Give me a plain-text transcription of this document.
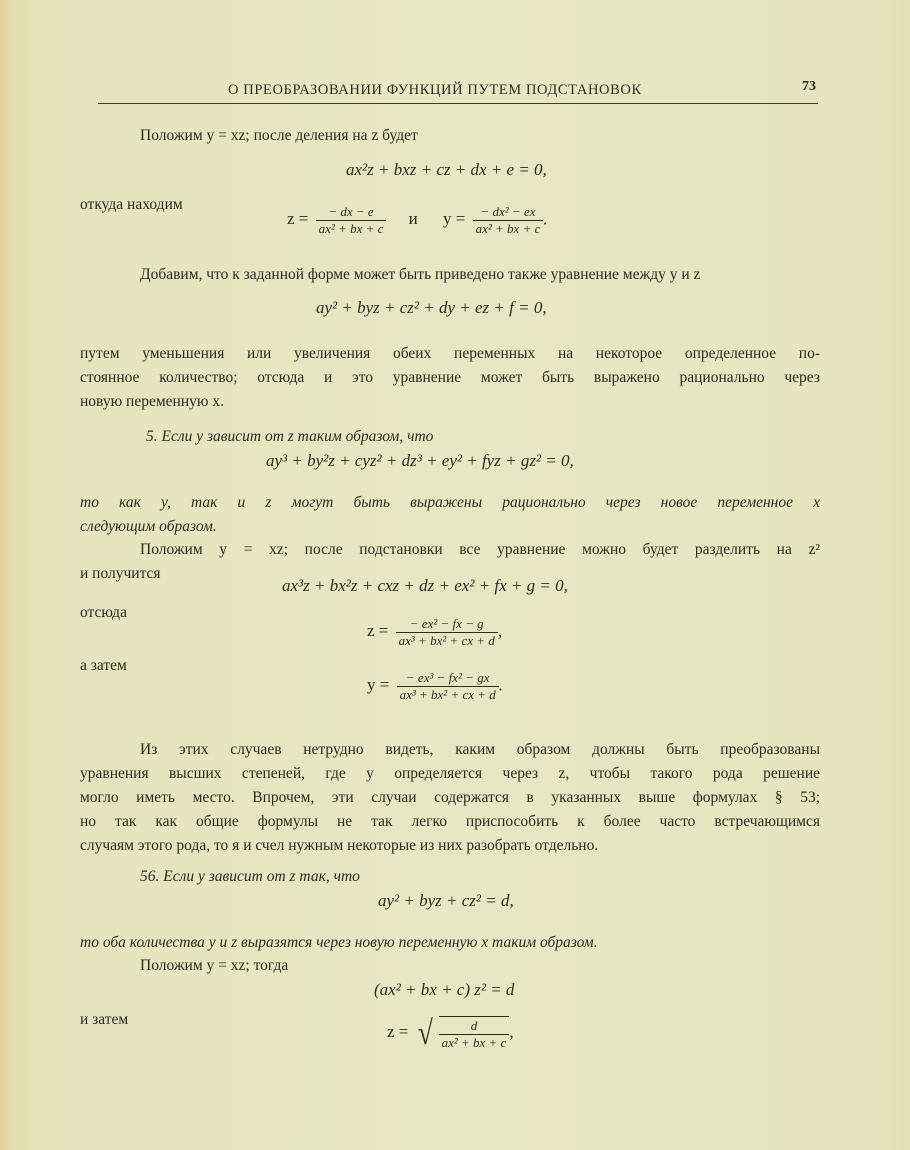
О ПРЕОБРАЗОВАНИИ ФУНКЦИЙ ПУТЕМ ПОДСТАНОВОК	73
Положим y = xz; после деления на z будет
ax²z + bxz + cz + dx + e = 0,
откуда находим
$z = \frac{- dx - e}{\text{ax² + bx + c}}$ и $y = \frac{\text{− dx² − ex}}{\text{ax² + bx + c}}$ .
Добавим, что к заданной форме может быть приведено также уравнение между y и z
ay² + byz + cz² + dy + ez + f = 0,
путем уменьшения или увеличения обеих переменных на некоторое определенное по-
стоянное количество; отсюда и это уравнение может быть выражено рационально через
новую переменную x.
5. Если y зависит от z таким образом, что
ay³ + by²z + cyz² + dz³ + ey² + fyz + gz² = 0,
то как y, так и z могут быть выражены рационально через новое переменное x
следующим образом.
Положим y = xz; после подстановки все уравнение можно будет разделить на z²
и получится
ax³z + bx²z + cxz + dz + ex² + fx + g = 0,
отсюда
$z = \frac{\text{− ex² − fx − g}}{\text{ax³ + bx² + cx + d}}$ ,
а затем
$y = \frac{\text{− ex³ − fx² − gx}}{\text{ax³ + bx² + cx + d}}$ .
Из этих случаев нетрудно видеть, каким образом должны быть преобразованы
уравнения высших степеней, где y определяется через z, чтобы такого рода решение
могло иметь место. Впрочем, эти случаи содержатся в указанных выше формулах § 53;
но так как общие формулы не так легко приспособить к более часто встречающимся
случаям этого рода, то я и счел нужным некоторые из них разобрать отдельно.
56. Если y зависит от z так, что
ay² + byz + cz² = d,
то оба количества y и z выразятся через новую переменную x таким образом.
Положим y = xz; тогда
(ax² + bx + c) z² = d
и затем
z = √ $\frac{d}{\text{ax² + bx + c}}$ ,
